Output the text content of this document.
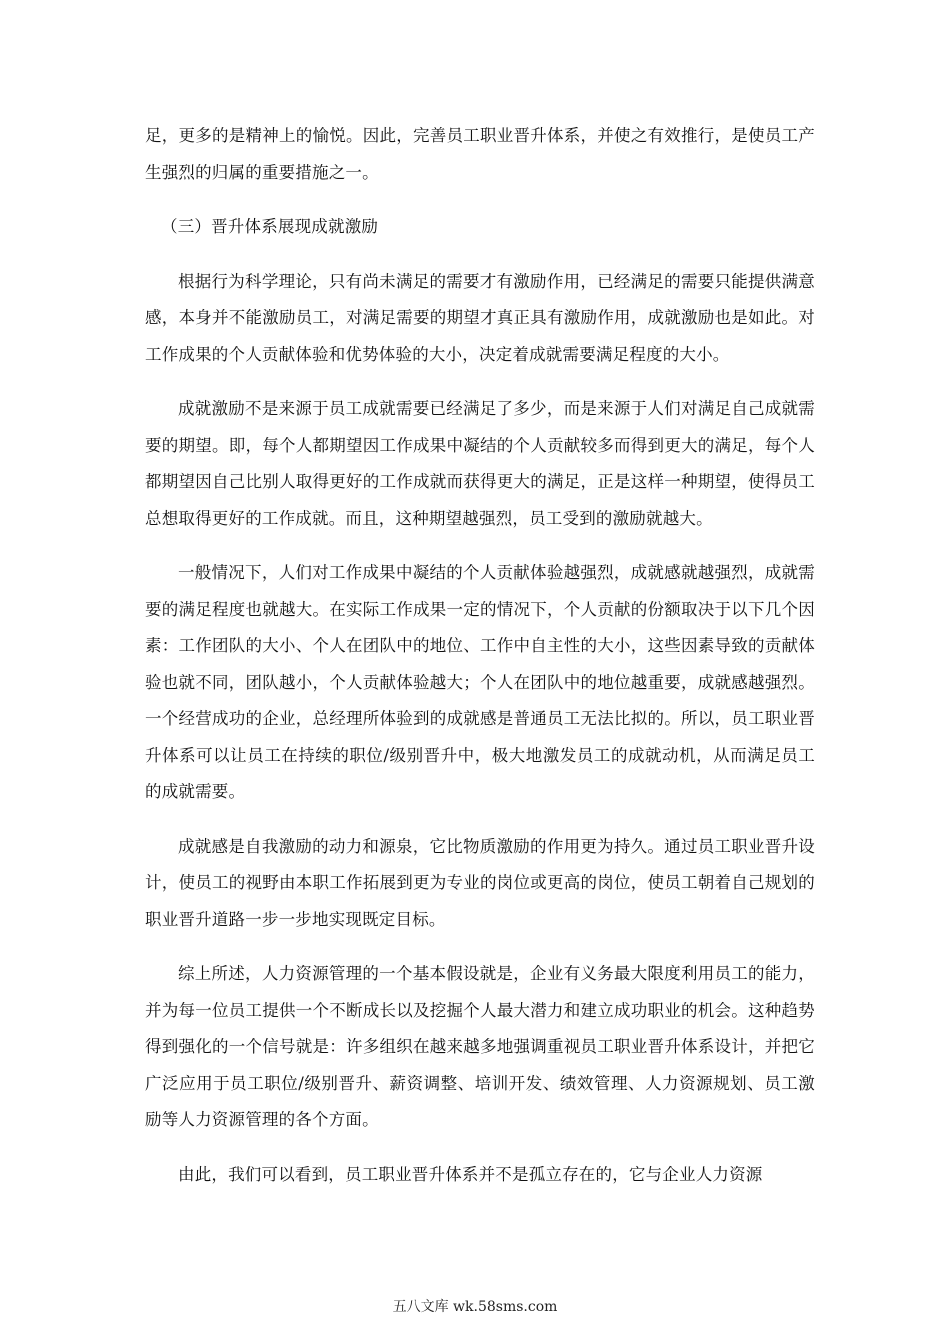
足，更多的是精神上的愉悦。因此，完善员工职业晋升体系，并使之有效推行，是使员工产生强烈的归属的重要措施之一。

（三）晋升体系展现成就激励

根据行为科学理论，只有尚未满足的需要才有激励作用，已经满足的需要只能提供满意感，本身并不能激励员工，对满足需要的期望才真正具有激励作用，成就激励也是如此。对工作成果的个人贡献体验和优势体验的大小，决定着成就需要满足程度的大小。

成就激励不是来源于员工成就需要已经满足了多少，而是来源于人们对满足自己成就需要的期望。即，每个人都期望因工作成果中凝结的个人贡献较多而得到更大的满足，每个人都期望因自己比别人取得更好的工作成就而获得更大的满足，正是这样一种期望，使得员工总想取得更好的工作成就。而且，这种期望越强烈，员工受到的激励就越大。

一般情况下，人们对工作成果中凝结的个人贡献体验越强烈，成就感就越强烈，成就需要的满足程度也就越大。在实际工作成果一定的情况下，个人贡献的份额取决于以下几个因素：工作团队的大小、个人在团队中的地位、工作中自主性的大小，这些因素导致的贡献体验也就不同，团队越小，个人贡献体验越大；个人在团队中的地位越重要，成就感越强烈。一个经营成功的企业，总经理所体验到的成就感是普通员工无法比拟的。所以，员工职业晋升体系可以让员工在持续的职位/级别晋升中，极大地激发员工的成就动机，从而满足员工的成就需要。

成就感是自我激励的动力和源泉，它比物质激励的作用更为持久。通过员工职业晋升设计，使员工的视野由本职工作拓展到更为专业的岗位或更高的岗位，使员工朝着自己规划的职业晋升道路一步一步地实现既定目标。

综上所述，人力资源管理的一个基本假设就是，企业有义务最大限度利用员工的能力，并为每一位员工提供一个不断成长以及挖掘个人最大潜力和建立成功职业的机会。这种趋势得到强化的一个信号就是：许多组织在越来越多地强调重视员工职业晋升体系设计，并把它广泛应用于员工职位/级别晋升、薪资调整、培训开发、绩效管理、人力资源规划、员工激励等人力资源管理的各个方面。

由此，我们可以看到，员工职业晋升体系并不是孤立存在的，它与企业人力资源

五八文库 wk.58sms.com
